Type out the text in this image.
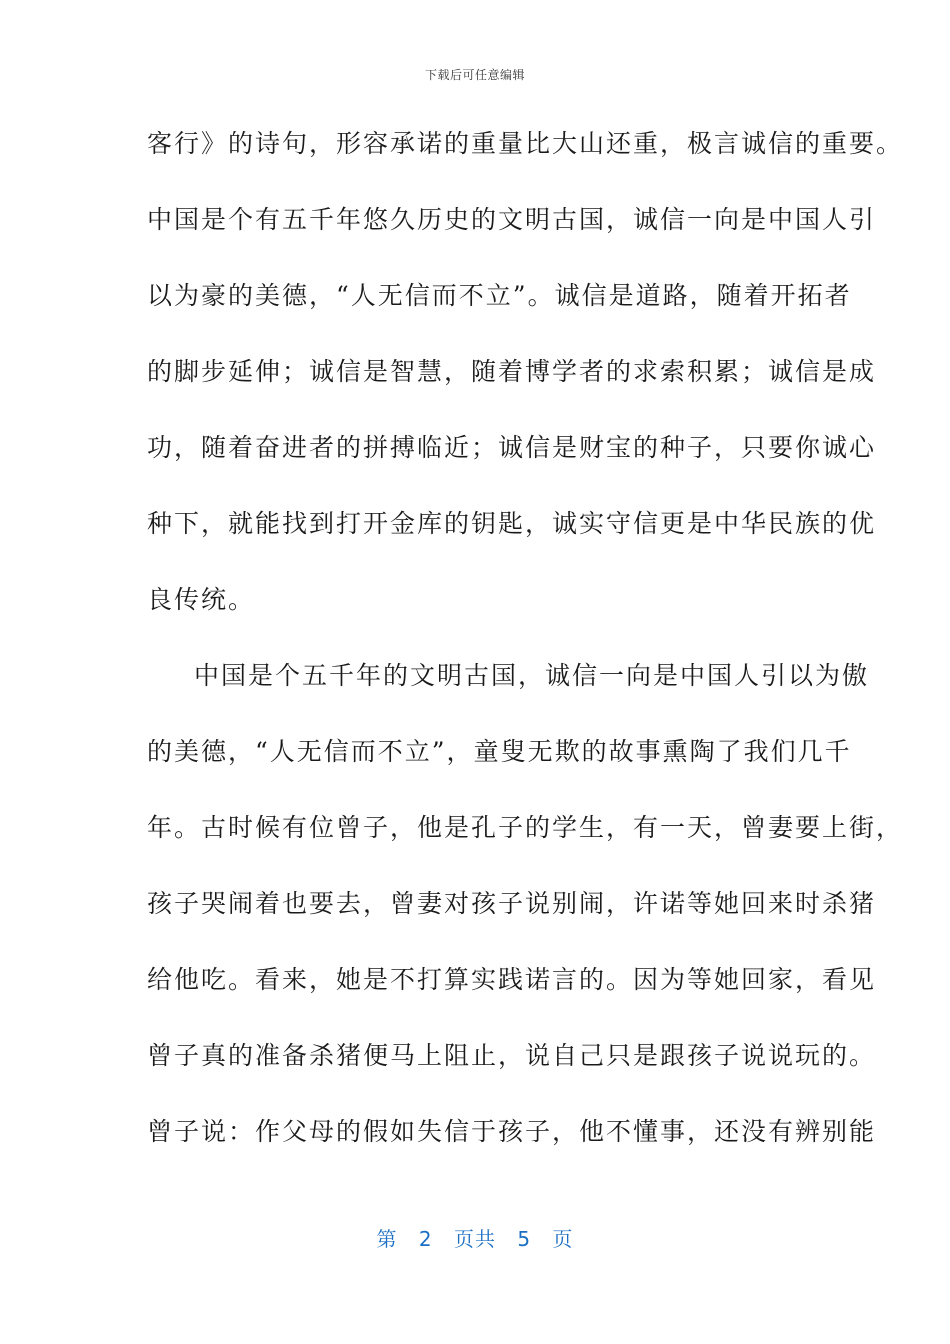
下载后可任意编辑
客行》的诗句，形容承诺的重量比大山还重，极言诚信的重要。
中国是个有五千年悠久历史的文明古国，诚信一向是中国人引
以为豪的美德，“人无信而不立”。诚信是道路，随着开拓者
的脚步延伸；诚信是智慧，随着博学者的求索积累；诚信是成
功，随着奋进者的拼搏临近；诚信是财宝的种子，只要你诚心
种下，就能找到打开金库的钥匙，诚实守信更是中华民族的优
良传统。
中国是个五千年的文明古国，诚信一向是中国人引以为傲
的美德，“人无信而不立”，童叟无欺的故事熏陶了我们几千
年。古时候有位曾子，他是孔子的学生，有一天，曾妻要上街，
孩子哭闹着也要去，曾妻对孩子说别闹，许诺等她回来时杀猪
给他吃。看来，她是不打算实践诺言的。因为等她回家，看见
曾子真的准备杀猪便马上阻止，说自己只是跟孩子说说玩的。
曾子说：作父母的假如失信于孩子，他不懂事，还没有辨别能
第 2 页共 5 页
